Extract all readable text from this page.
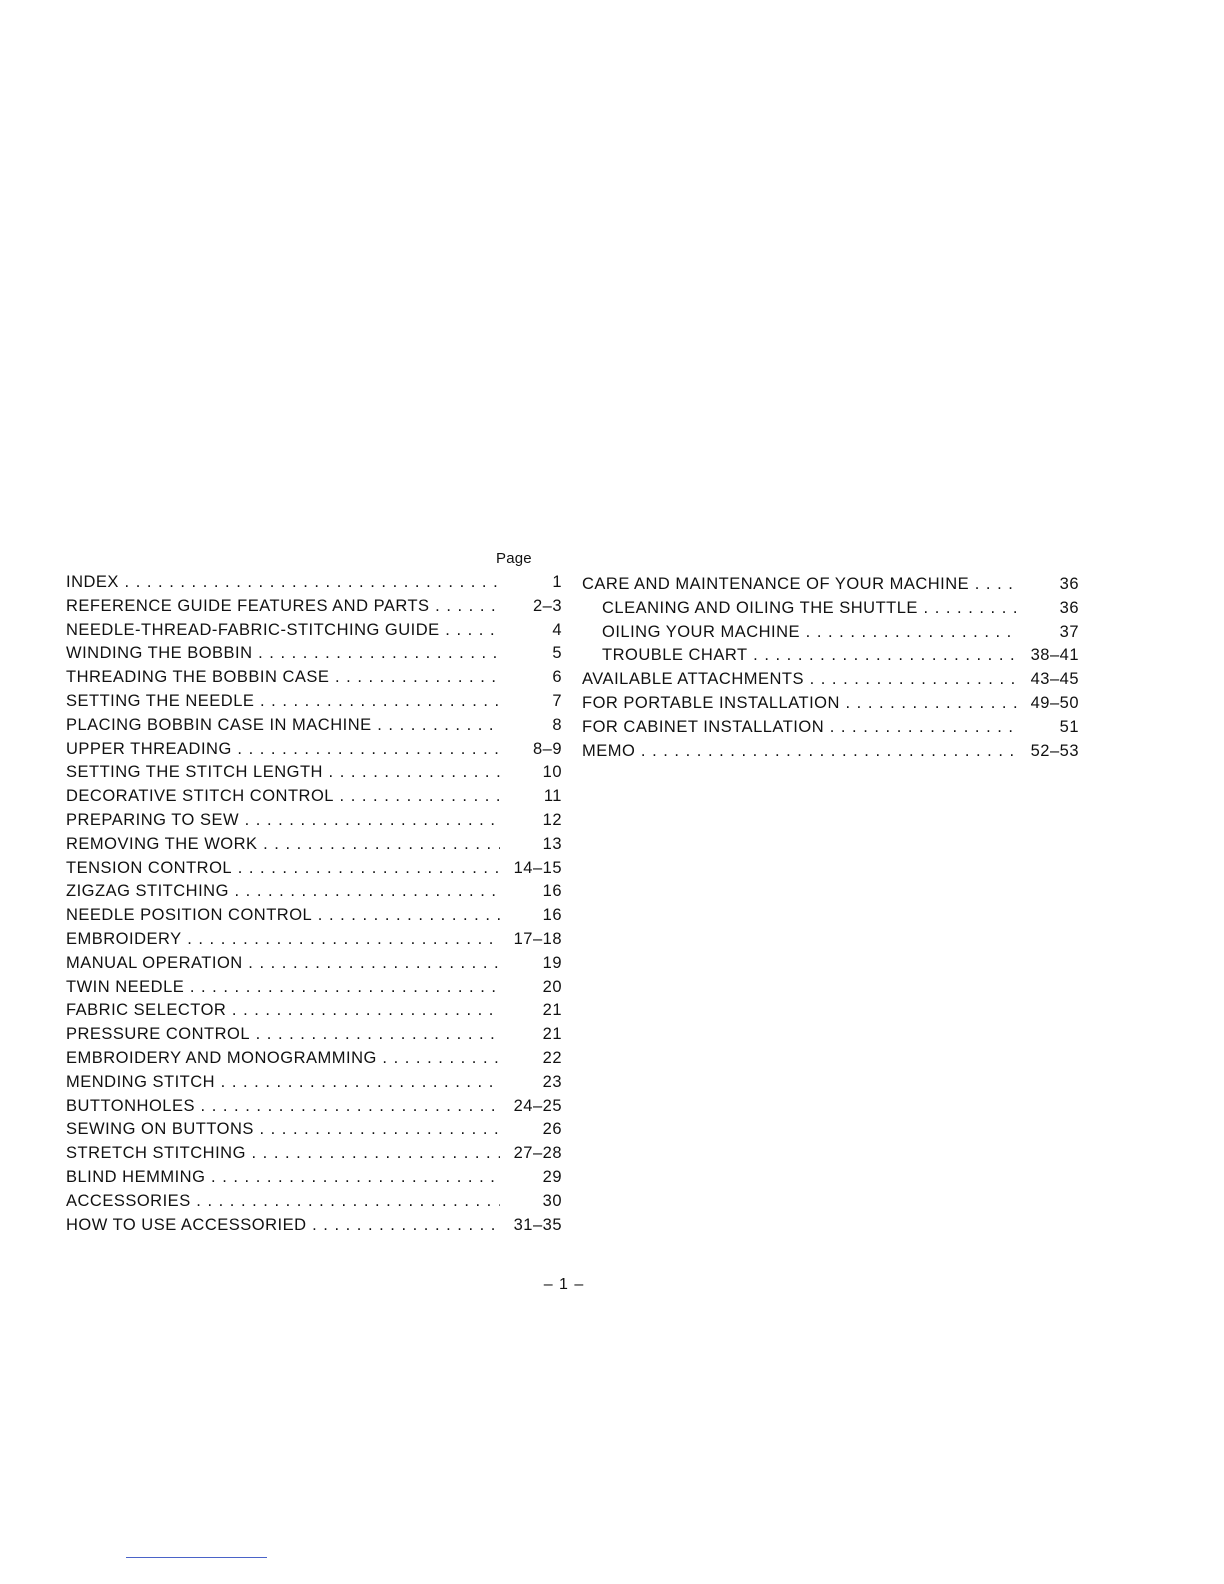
Page
INDEX . . .	1
REFERENCE GUIDE FEATURES AND PARTS . . .	2–3
NEEDLE-THREAD-FABRIC-STITCHING GUIDE . . .	4
WINDING THE BOBBIN . . .	5
THREADING THE BOBBIN CASE . . .	6
SETTING THE NEEDLE . . .	7
PLACING BOBBIN CASE IN MACHINE . . .	8
UPPER THREADING . . .	8–9
SETTING THE STITCH LENGTH . . .	10
DECORATIVE STITCH CONTROL . . .	11
PREPARING TO SEW . . .	12
REMOVING THE WORK . . .	13
TENSION CONTROL . . .	14–15
ZIGZAG STITCHING . . .	16
NEEDLE POSITION CONTROL . . .	16
EMBROIDERY . . .	17–18
MANUAL OPERATION . . .	19
TWIN NEEDLE . . .	20
FABRIC SELECTOR . . .	21
PRESSURE CONTROL . . .	21
EMBROIDERY AND MONOGRAMMING . . .	22
MENDING STITCH . . .	23
BUTTONHOLES . . .	24–25
SEWING ON BUTTONS . . .	26
STRETCH STITCHING . . .	27–28
BLIND HEMMING . . .	29
ACCESSORIES . . .	30
HOW TO USE ACCESSORIED . . .	31–35
CARE AND MAINTENANCE OF YOUR MACHINE . . .	36
CLEANING AND OILING THE SHUTTLE . . .	36
OILING YOUR MACHINE . . .	37
TROUBLE CHART . . .	38–41
AVAILABLE ATTACHMENTS . . .	43–45
FOR PORTABLE INSTALLATION . . .	49–50
FOR CABINET INSTALLATION . . .	51
MEMO . . .	52–53
– 1 –
